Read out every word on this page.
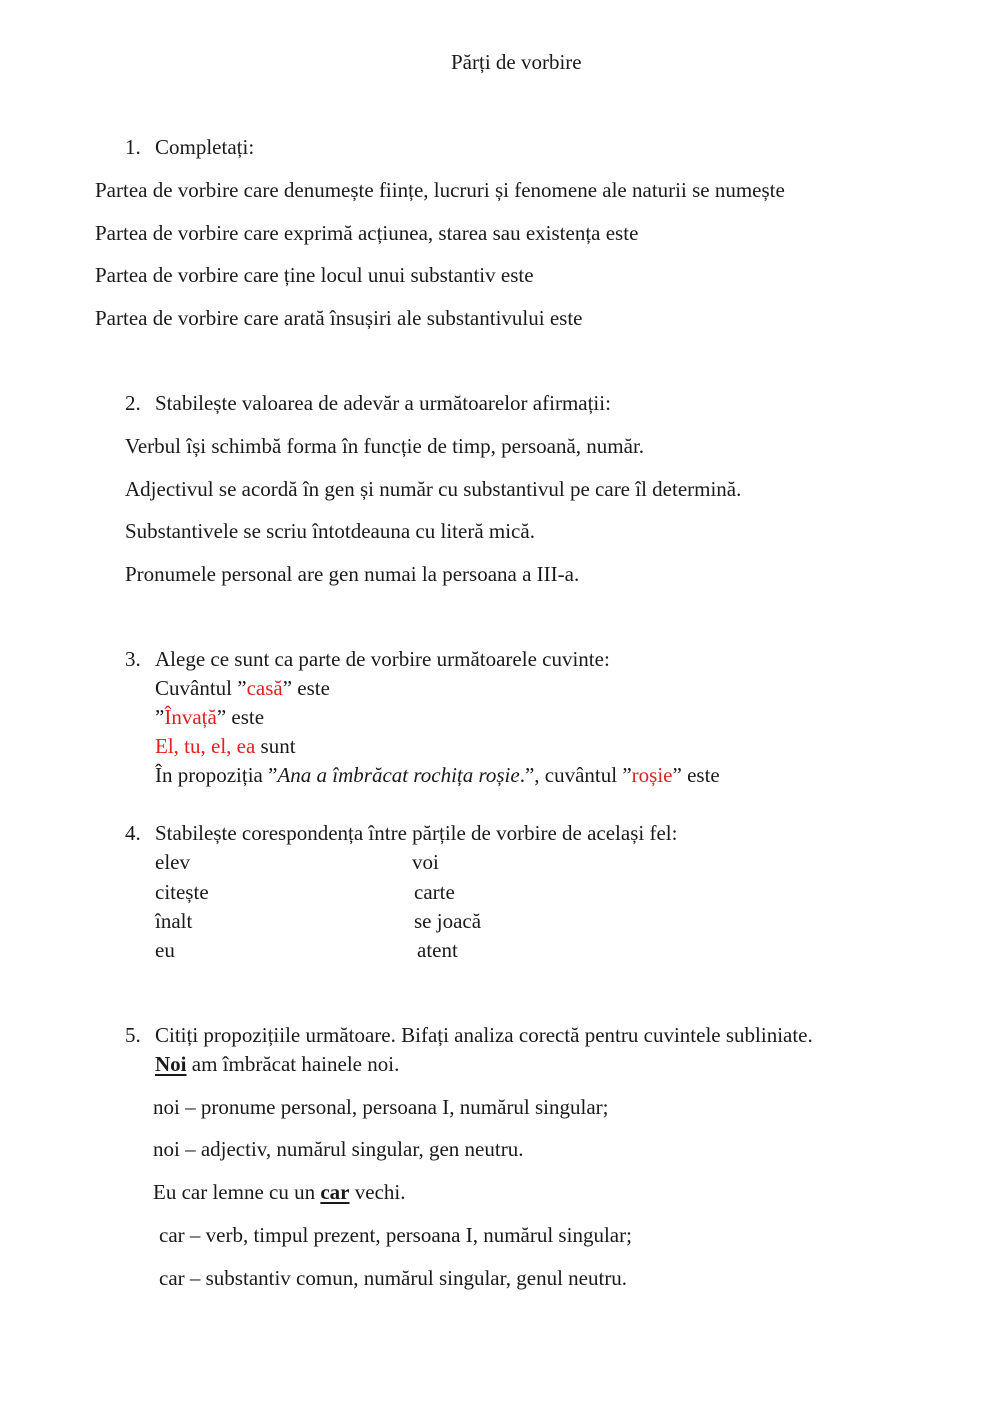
Părți de vorbire
1. Completați:
Partea de vorbire care denumește ființe, lucruri și fenomene ale naturii se numește
Partea de vorbire care exprimă acțiunea, starea sau existența este
Partea de vorbire care ține locul unui substantiv este
Partea de vorbire care arată însușiri ale substantivului este
2. Stabilește valoarea de adevăr a următoarelor afirmații:
Verbul își schimbă forma în funcție de timp, persoană, număr.
Adjectivul se acordă în gen și număr cu substantivul pe care îl determină.
Substantivele se scriu întotdeauna cu literă mică.
Pronumele personal are gen numai la persoana a III-a.
3. Alege ce sunt ca parte de vorbire următoarele cuvinte:
Cuvântul ”casă” este
”Învață” este
El, tu, el, ea sunt
În propoziția ”Ana a îmbrăcat rochița roșie.”, cuvântul ”roșie” este
4. Stabilește corespondența între părțile de vorbire de același fel:
elev
citește
înalt
eu
voi
carte
se joacă
atent
5. Citiți propozițiile următoare. Bifați analiza corectă pentru cuvintele subliniate.
Noi am îmbrăcat hainele noi.
noi – pronume personal, persoana I, numărul singular;
noi – adjectiv, numărul singular, gen neutru.
Eu car lemne cu un car vechi.
car – verb, timpul prezent, persoana I, numărul singular;
car – substantiv comun, numărul singular, genul neutru.
